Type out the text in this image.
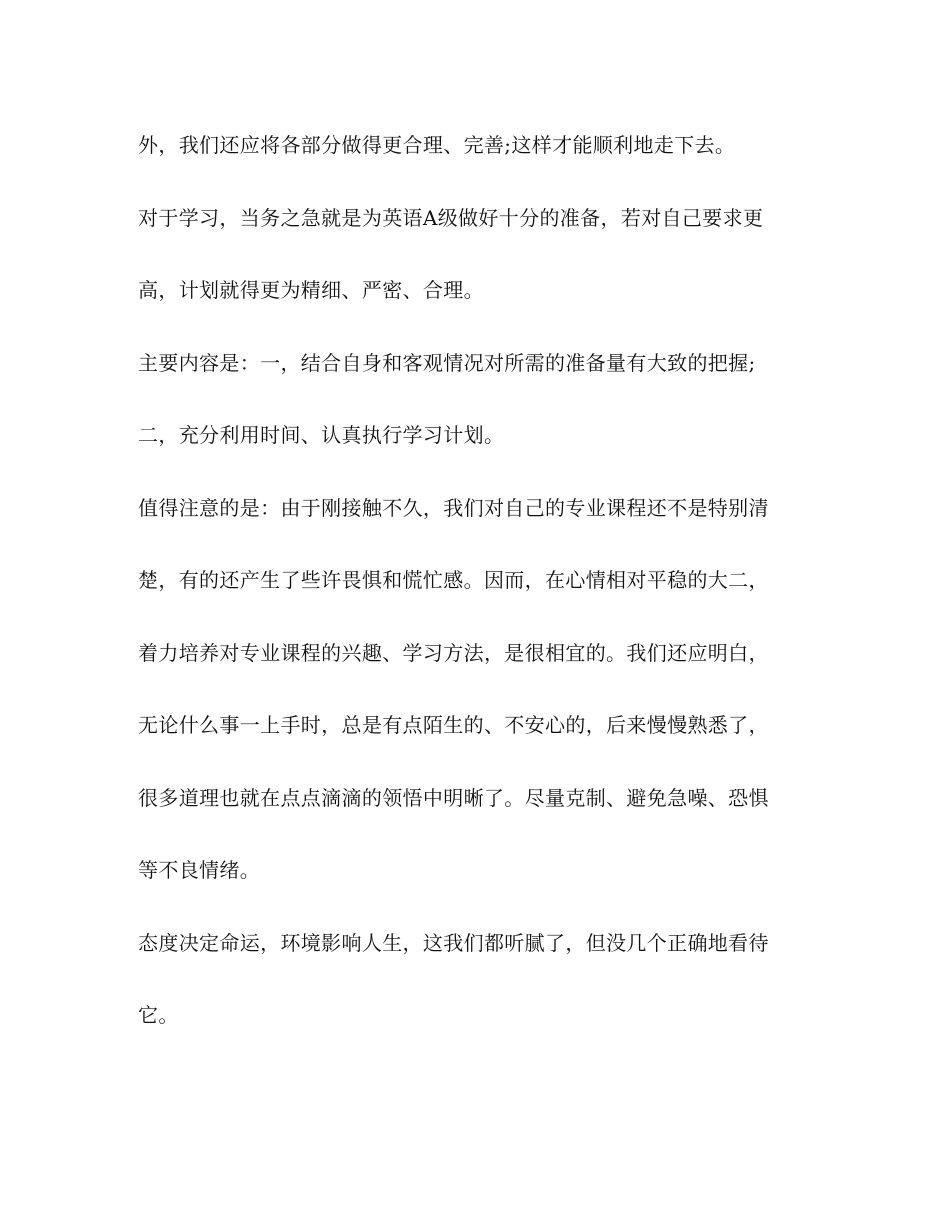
外，我们还应将各部分做得更合理、完善;这样才能顺利地走下去。
对于学习，当务之急就是为英语A级做好十分的准备，若对自己要求更
高，计划就得更为精细、严密、合理。
主要内容是：一，结合自身和客观情况对所需的准备量有大致的把握;
二，充分利用时间、认真执行学习计划。
值得注意的是：由于刚接触不久，我们对自己的专业课程还不是特别清
楚，有的还产生了些许畏惧和慌忙感。因而，在心情相对平稳的大二，
着力培养对专业课程的兴趣、学习方法，是很相宜的。我们还应明白，
无论什么事一上手时，总是有点陌生的、不安心的，后来慢慢熟悉了，
很多道理也就在点点滴滴的领悟中明晰了。尽量克制、避免急噪、恐惧
等不良情绪。
态度决定命运，环境影响人生，这我们都听腻了，但没几个正确地看待
它。
